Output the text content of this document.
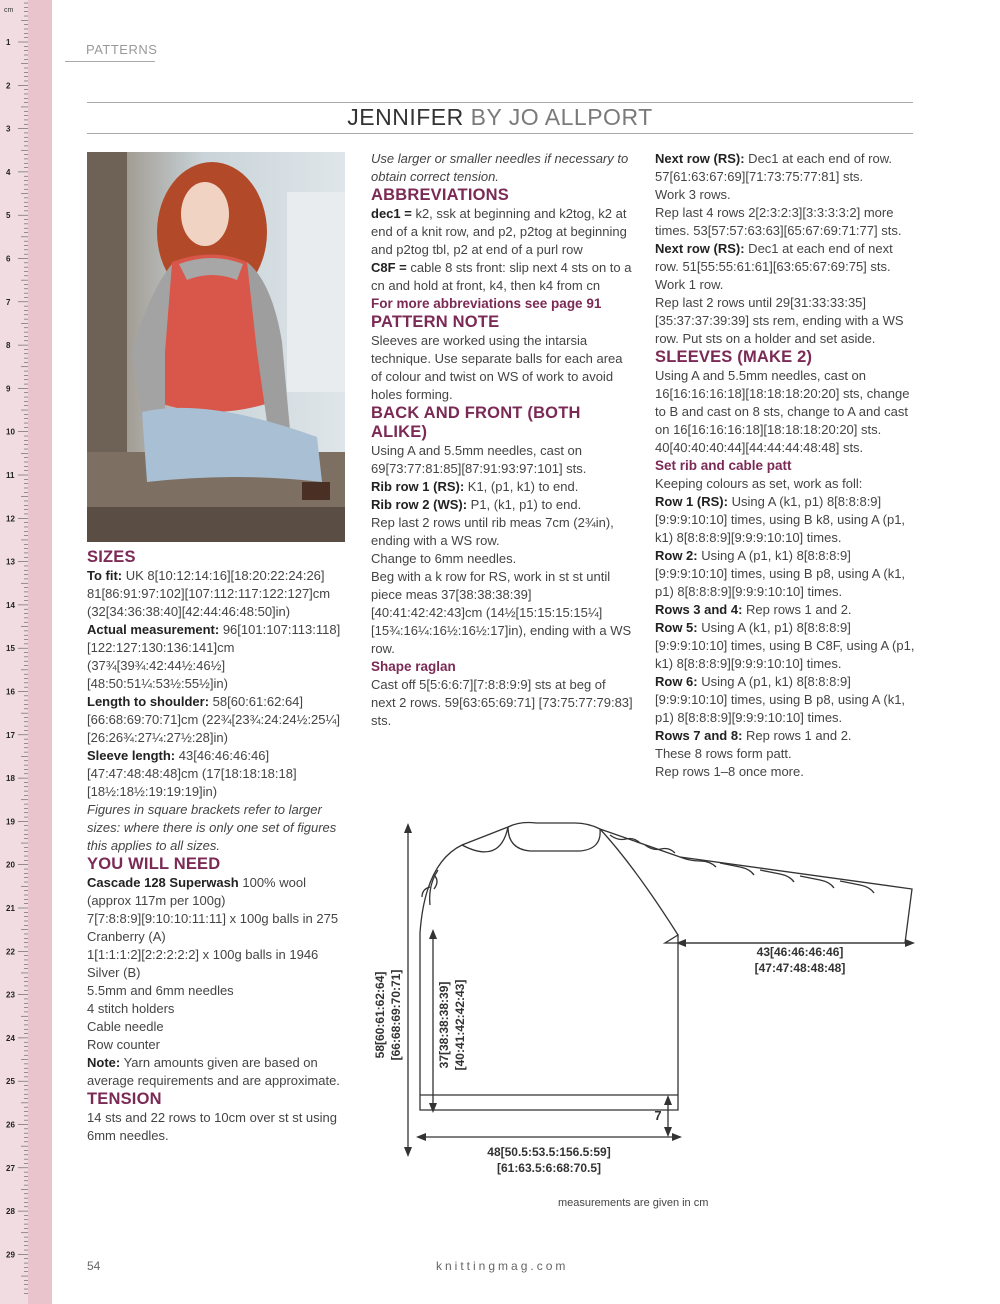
cm
1
2
3
4
5
6
7
8
9
10
11
12
13
14
15
16
17
18
19
20
21
22
23
24
25
26
27
28
29
PATTERNS
JENNIFER BY JO ALLPORT

SIZES

To fit: UK 8[10:12:14:16][18:20:22:24:26] 81[86:91:97:102][107:112:117:122:127]cm (32[34:36:38:40][42:44:46:48:50]in)

Actual measurement: 96[101:107:113:118] [122:127:130:136:141]cm (37¾[39¾:42:44½:46½] [48:50:51¼:53½:55½]in)

Length to shoulder: 58[60:61:62:64] [66:68:69:70:71]cm (22¾[23¾:24:24½:25¼] [26:26¾:27¼:27½:28]in)

Sleeve length: 43[46:46:46:46] [47:47:48:48:48]cm (17[18:18:18:18] [18½:18½:19:19:19]in)

Figures in square brackets refer to larger sizes: where there is only one set of figures this applies to all sizes.

YOU WILL NEED

Cascade 128 Superwash 100% wool (approx 117m per 100g)

7[7:8:8:9][9:10:10:11:11] x 100g balls in 275 Cranberry (A)

1[1:1:1:2][2:2:2:2:2] x 100g balls in 1946 Silver (B)

5.5mm and 6mm needles

4 stitch holders

Cable needle

Row counter

Note: Yarn amounts given are based on average requirements and are approximate.

TENSION

14 sts and 22 rows to 10cm over st st using 6mm needles.

Use larger or smaller needles if necessary to obtain correct tension.

ABBREVIATIONS

dec1 = k2, ssk at beginning and k2tog, k2 at end of a knit row, and p2, p2tog at beginning and p2tog tbl, p2 at end of a purl row

C8F = cable 8 sts front: slip next 4 sts on to a cn and hold at front, k4, then k4 from cn

For more abbreviations see page 91

PATTERN NOTE

Sleeves are worked using the intarsia technique. Use separate balls for each area of colour and twist on WS of work to avoid holes forming.

BACK AND FRONT (BOTH ALIKE)

Using A and 5.5mm needles, cast on 69[73:77:81:85][87:91:93:97:101] sts.

Rib row 1 (RS): K1, (p1, k1) to end.

Rib row 2 (WS): P1, (k1, p1) to end.

Rep last 2 rows until rib meas 7cm (2¾in), ending with a WS row.

Change to 6mm needles.

Beg with a k row for RS, work in st st until piece meas 37[38:38:38:39] [40:41:42:42:43]cm (14½[15:15:15:15¼] [15¾:16¼:16½:16½:17]in), ending with a WS row.

Shape raglan

Cast off 5[5:6:6:7][7:8:8:9:9] sts at beg of next 2 rows. 59[63:65:69:71] [73:75:77:79:83] sts.

Next row (RS): Dec1 at each end of row. 57[61:63:67:69][71:73:75:77:81] sts.

Work 3 rows.

Rep last 4 rows 2[2:3:2:3][3:3:3:3:2] more times. 53[57:57:63:63][65:67:69:71:77] sts.

Next row (RS): Dec1 at each end of next row. 51[55:55:61:61][63:65:67:69:75] sts.

Work 1 row.

Rep last 2 rows until 29[31:33:33:35] [35:37:37:39:39] sts rem, ending with a WS row. Put sts on a holder and set aside.

SLEEVES (MAKE 2)

Using A and 5.5mm needles, cast on 16[16:16:16:18][18:18:18:20:20] sts, change to B and cast on 8 sts, change to A and cast on 16[16:16:16:18][18:18:18:20:20] sts. 40[40:40:40:44][44:44:44:48:48] sts.

Set rib and cable patt

Keeping colours as set, work as foll:

Row 1 (RS): Using A (k1, p1) 8[8:8:8:9] [9:9:9:10:10] times, using B k8, using A (p1, k1) 8[8:8:8:9][9:9:9:10:10] times.

Row 2: Using A (p1, k1) 8[8:8:8:9] [9:9:9:10:10] times, using B p8, using A (k1, p1) 8[8:8:8:9][9:9:9:10:10] times.

Rows 3 and 4: Rep rows 1 and 2.

Row 5: Using A (k1, p1) 8[8:8:8:9] [9:9:9:10:10] times, using B C8F, using A (p1, k1) 8[8:8:8:9][9:9:9:10:10] times.

Row 6: Using A (p1, k1) 8[8:8:8:9] [9:9:9:10:10] times, using B p8, using A (k1, p1) 8[8:8:8:9][9:9:9:10:10] times.

Rows 7 and 8: Rep rows 1 and 2.

These 8 rows form patt.

Rep rows 1–8 once more.

58[60:61:62:64] [66:68:69:70:71]	37[38:38:38:39] [40:41:42:42:43]
43[46:46:46:46]
[47:47:48:48:48]
48[50.5:53.5:156.5:59]
[61:63.5:6:68:70.5]
7
measurements are given in cm
54	knittingmag.com
